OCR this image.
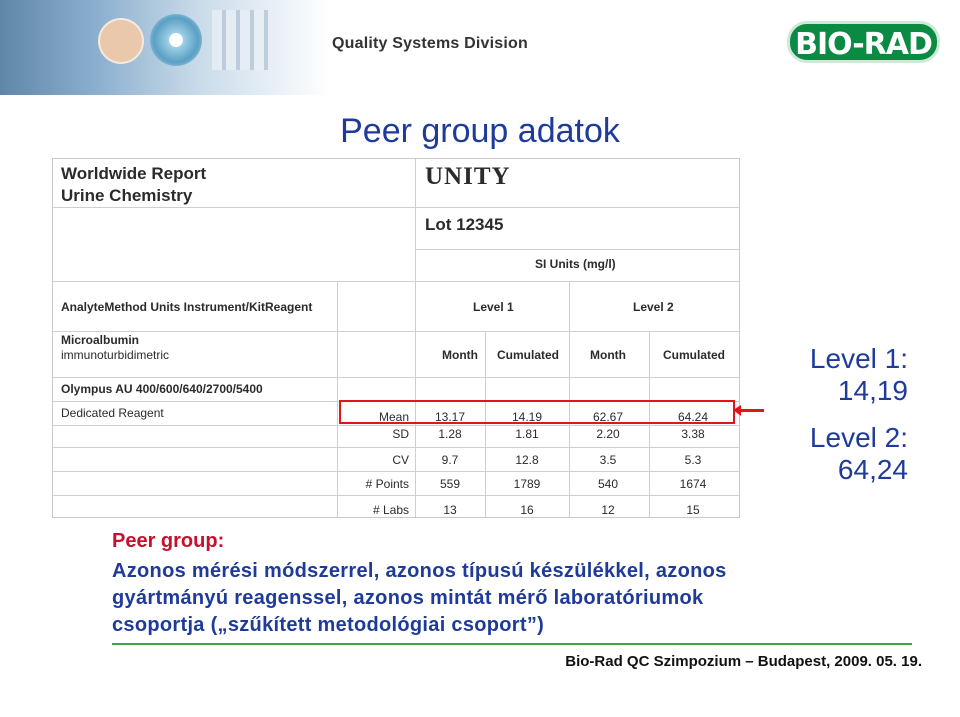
Quality Systems Division	BIO-RAD
Peer group adatok
Worldwide Report
Urine Chemistry
UNITY
Lot 12345
SI Units (mg/l)
AnalyteMethod Units Instrument/KitReagent	Level 1	Level 2
Microalbumin
immunoturbidimetric
Olympus AU 400/600/640/2700/5400
Dedicated Reagent
Month	Cumulated	Month	Cumulated
Mean	13.17	14.19	62.67	64.24
SD	1.28	1.81	2.20	3.38
CV	9.7	12.8	3.5	5.3
# Points	559	1789	540	1674
# Labs	13	16	12	15
Level 1:
14,19
Level 2:
64,24
Peer group:
Azonos mérési módszerrel, azonos típusú készülékkel, azonos
gyártmányú reagenssel, azonos mintát mérő laboratóriumok
csoportja („szűkített metodológiai csoport”)
Bio-Rad QC Szimpozium – Budapest, 2009. 05. 19.
